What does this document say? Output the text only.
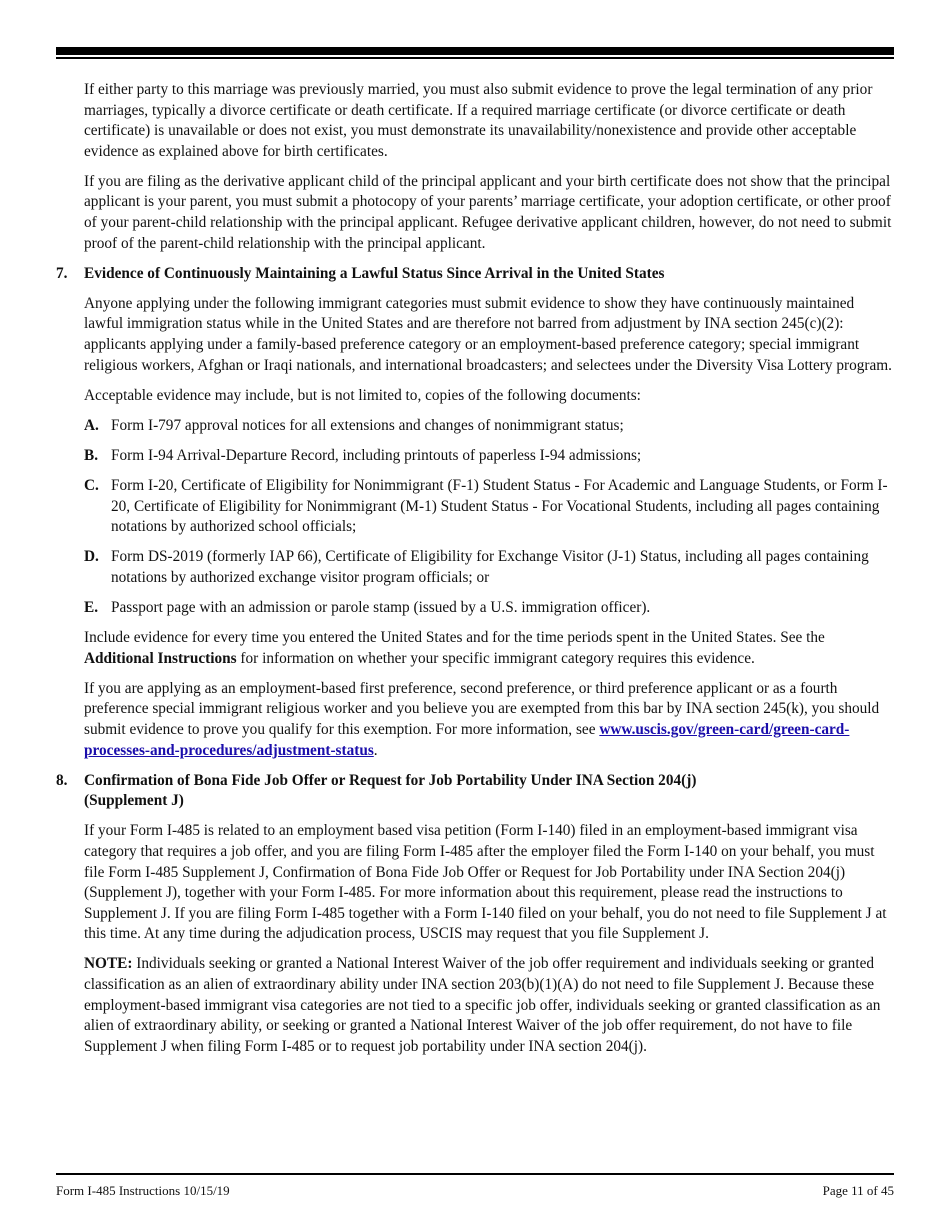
If either party to this marriage was previously married, you must also submit evidence to prove the legal termination of any prior marriages, typically a divorce certificate or death certificate. If a required marriage certificate (or divorce certificate or death certificate) is unavailable or does not exist, you must demonstrate its unavailability/nonexistence and provide other acceptable evidence as explained above for birth certificates.

If you are filing as the derivative applicant child of the principal applicant and your birth certificate does not show that the principal applicant is your parent, you must submit a photocopy of your parents’ marriage certificate, your adoption certificate, or other proof of your parent-child relationship with the principal applicant. Refugee derivative applicant children, however, do not need to submit proof of the parent-child relationship with the principal applicant.

7. Evidence of Continuously Maintaining a Lawful Status Since Arrival in the United States

Anyone applying under the following immigrant categories must submit evidence to show they have continuously maintained lawful immigration status while in the United States and are therefore not barred from adjustment by INA section 245(c)(2): applicants applying under a family-based preference category or an employment-based preference category; special immigrant religious workers, Afghan or Iraqi nationals, and international broadcasters; and selectees under the Diversity Visa Lottery program.

Acceptable evidence may include, but is not limited to, copies of the following documents:

A. Form I-797 approval notices for all extensions and changes of nonimmigrant status;
B. Form I-94 Arrival-Departure Record, including printouts of paperless I-94 admissions;
C. Form I-20, Certificate of Eligibility for Nonimmigrant (F-1) Student Status - For Academic and Language Students, or Form I-20, Certificate of Eligibility for Nonimmigrant (M-1) Student Status - For Vocational Students, including all pages containing notations by authorized school officials;
D. Form DS-2019 (formerly IAP 66), Certificate of Eligibility for Exchange Visitor (J-1) Status, including all pages containing notations by authorized exchange visitor program officials; or
E. Passport page with an admission or parole stamp (issued by a U.S. immigration officer).

Include evidence for every time you entered the United States and for the time periods spent in the United States. See the Additional Instructions for information on whether your specific immigrant category requires this evidence.

If you are applying as an employment-based first preference, second preference, or third preference applicant or as a fourth preference special immigrant religious worker and you believe you are exempted from this bar by INA section 245(k), you should submit evidence to prove you qualify for this exemption. For more information, see www.uscis.gov/green-card/green-card-processes-and-procedures/adjustment-status.

8. Confirmation of Bona Fide Job Offer or Request for Job Portability Under INA Section 204(j)
(Supplement J)

If your Form I-485 is related to an employment based visa petition (Form I-140) filed in an employment-based immigrant visa category that requires a job offer, and you are filing Form I-485 after the employer filed the Form I-140 on your behalf, you must file Form I-485 Supplement J, Confirmation of Bona Fide Job Offer or Request for Job Portability under INA Section 204(j) (Supplement J), together with your Form I-485. For more information about this requirement, please read the instructions to Supplement J. If you are filing Form I-485 together with a Form I-140 filed on your behalf, you do not need to file Supplement J at this time. At any time during the adjudication process, USCIS may request that you file Supplement J.

NOTE: Individuals seeking or granted a National Interest Waiver of the job offer requirement and individuals seeking or granted classification as an alien of extraordinary ability under INA section 203(b)(1)(A) do not need to file Supplement J. Because these employment-based immigrant visa categories are not tied to a specific job offer, individuals seeking or granted classification as an alien of extraordinary ability, or seeking or granted a National Interest Waiver of the job offer requirement, do not have to file Supplement J when filing Form I-485 or to request job portability under INA section 204(j).

Form I-485 Instructions 10/15/19	Page 11 of 45
